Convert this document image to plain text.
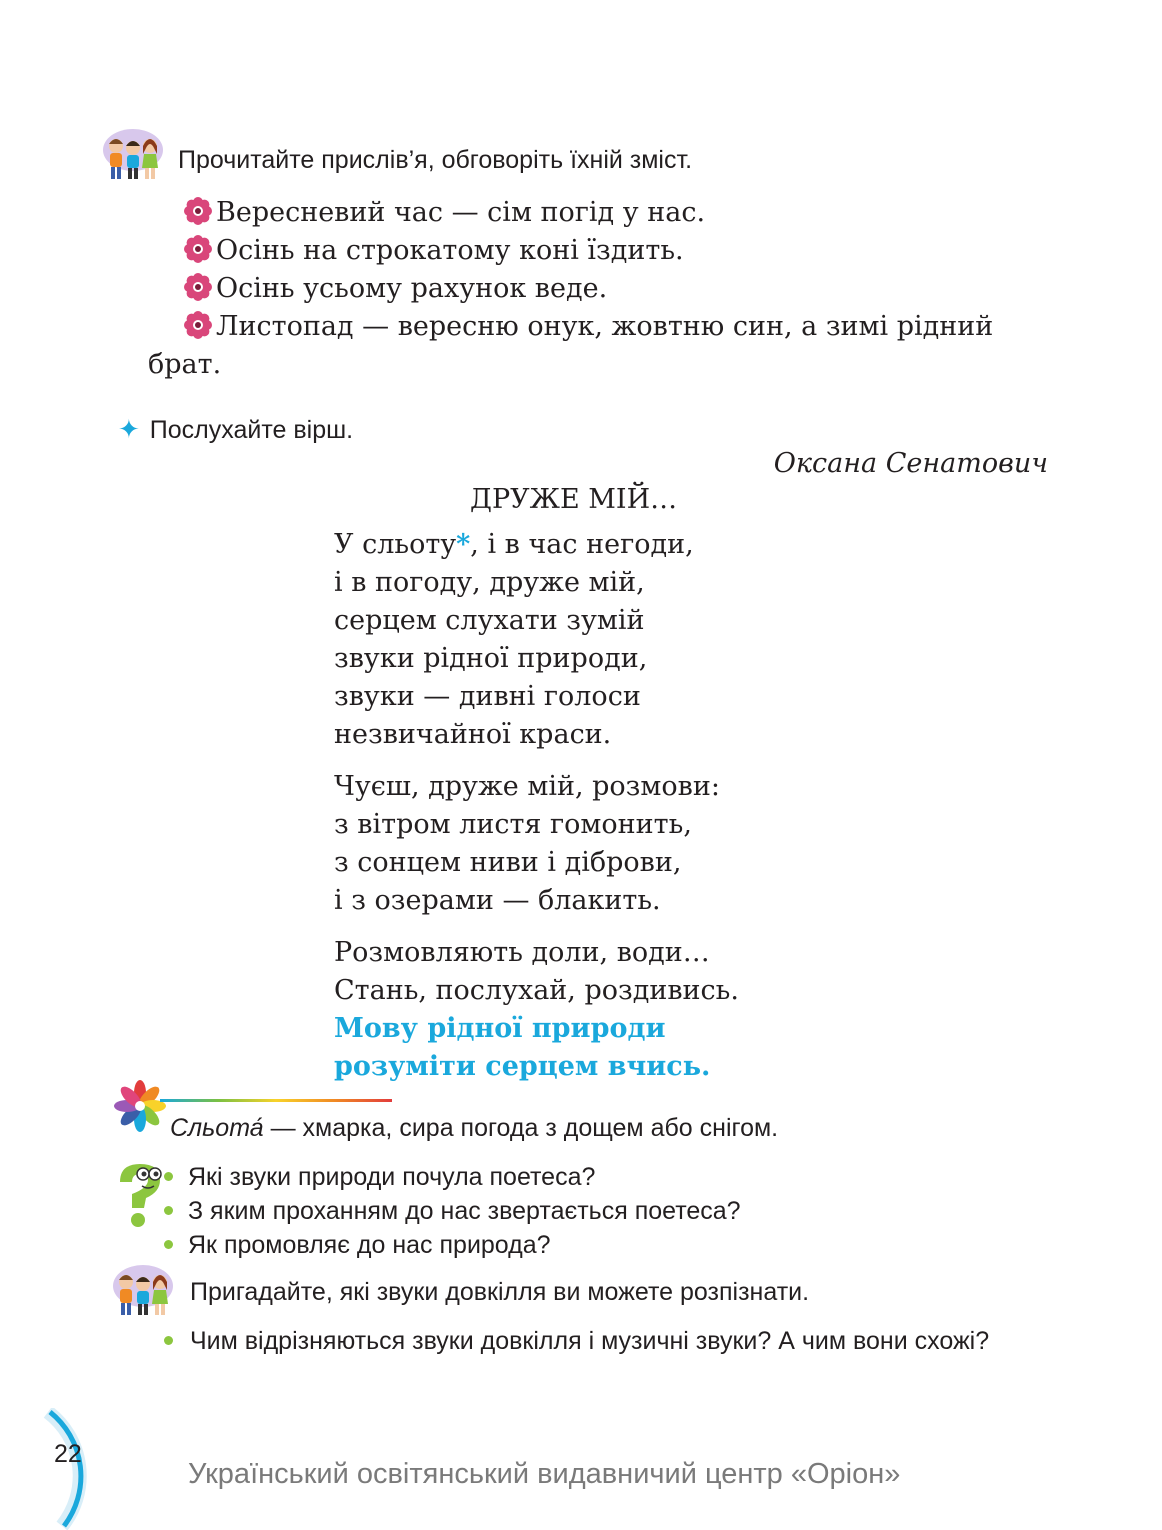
Прочитайте прислів’я, обговоріть їхній зміст.

Вересневий час — сім погід у нас.

Осінь на строкатому коні їздить.

Осінь усьому рахунок веде.

Листопад — вересню онук, жовтню син, а зимі рідний брат.

✦ Послухайте вірш.
Оксана Сенатович
ДРУЖЕ МІЙ…
У сльоту*, і в час негоди,
і в погоду, друже мій,
серцем слухати зумій
звуки рідної природи,
звуки — дивні голоси
незвичайної краси.
Чуєш, друже мій, розмови:
з вітром листя гомонить,
з сонцем ниви і діброви,
і з озерами — блакить.
Розмовляють доли, води…
Стань, послухай, роздивись.
Мову рідної природи
розуміти серцем вчись.
Сльота́ — хмарка, сира погода з дощем або снігом.
Які звуки природи почула поетеса?
З яким проханням до нас звертається поетеса?
Як промовляє до нас природа?
Пригадайте, які звуки довкілля ви можете розпізнати.
Чим відрізняються звуки довкілля і музичні звуки? А чим вони схожі?
22
Український освітянський видавничий центр «Оріон»
